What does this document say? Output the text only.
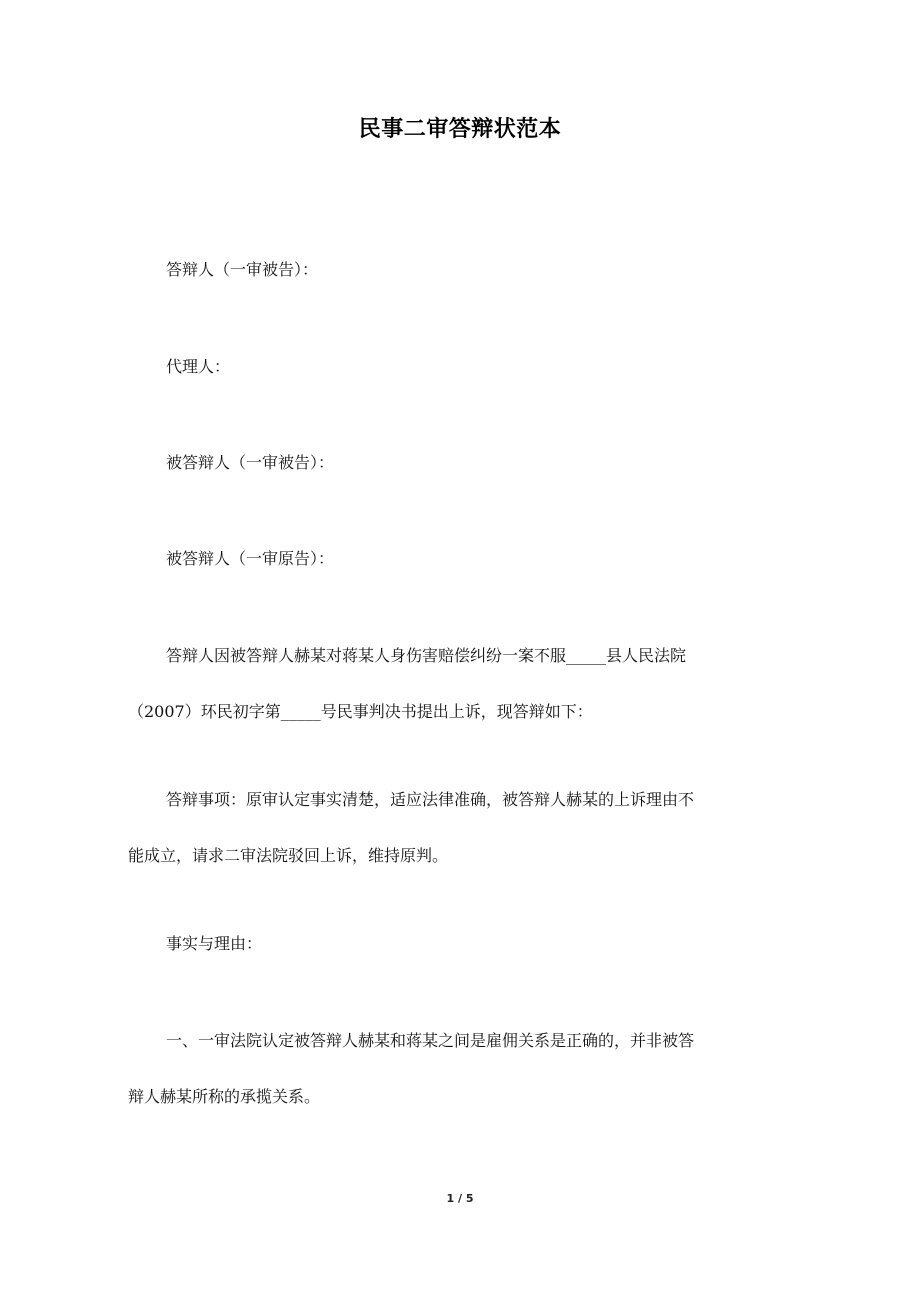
民事二审答辩状范本

答辩人（一审被告）：

代理人：

被答辩人（一审被告）：

被答辩人（一审原告）：

答辩人因被答辩人赫某对蒋某人身伤害赔偿纠纷一案不服_____县人民法院
（2007）环民初字第_____号民事判决书提出上诉，现答辩如下：

答辩事项：原审认定事实清楚，适应法律准确，被答辩人赫某的上诉理由不
能成立，请求二审法院驳回上诉，维持原判。

事实与理由：

一、一审法院认定被答辩人赫某和蒋某之间是雇佣关系是正确的，并非被答
辩人赫某所称的承揽关系。

1 / 5
